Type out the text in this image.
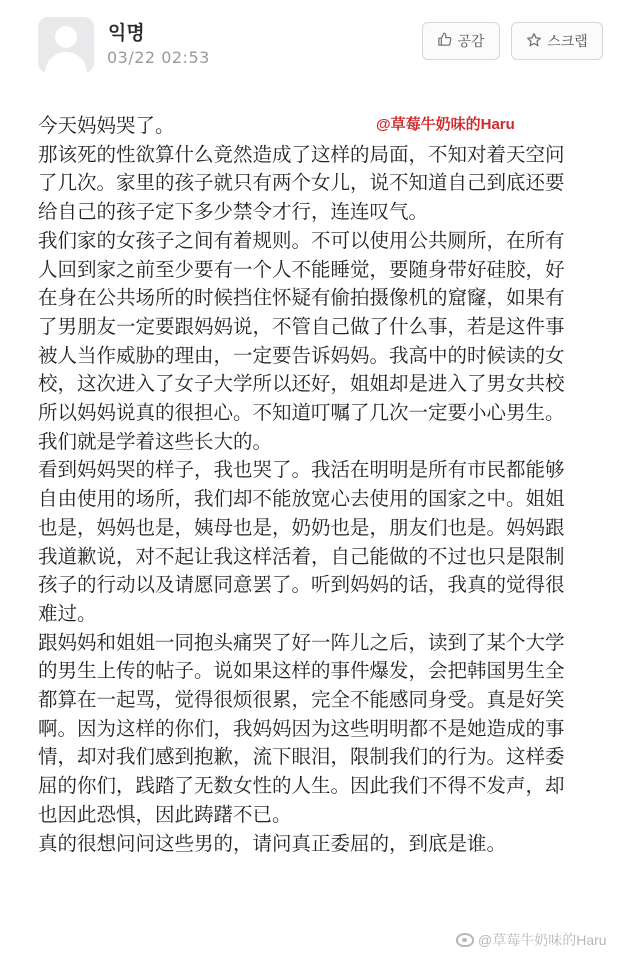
익명
03/22 02:53
공감	스크랩
@草莓牛奶味的Haru

今天妈妈哭了。

那该死的性欲算什么竟然造成了这样的局面，不知对着天空问
了几次。家里的孩子就只有两个女儿，说不知道自己到底还要
给自己的孩子定下多少禁令才行，连连叹气。

我们家的女孩子之间有着规则。不可以使用公共厕所，在所有
人回到家之前至少要有一个人不能睡觉，要随身带好硅胶，好
在身在公共场所的时候挡住怀疑有偷拍摄像机的窟窿，如果有
了男朋友一定要跟妈妈说，不管自己做了什么事，若是这件事
被人当作威胁的理由，一定要告诉妈妈。我高中的时候读的女
校，这次进入了女子大学所以还好，姐姐却是进入了男女共校
所以妈妈说真的很担心。不知道叮嘱了几次一定要小心男生。
我们就是学着这些长大的。

看到妈妈哭的样子，我也哭了。我活在明明是所有市民都能够
自由使用的场所，我们却不能放宽心去使用的国家之中。姐姐
也是，妈妈也是，姨母也是，奶奶也是，朋友们也是。妈妈跟
我道歉说，对不起让我这样活着，自己能做的不过也只是限制
孩子的行动以及请愿同意罢了。听到妈妈的话，我真的觉得很
难过。

跟妈妈和姐姐一同抱头痛哭了好一阵儿之后，读到了某个大学
的男生上传的帖子。说如果这样的事件爆发，会把韩国男生全
都算在一起骂，觉得很烦很累，完全不能感同身受。真是好笑
啊。因为这样的你们，我妈妈因为这些明明都不是她造成的事
情，却对我们感到抱歉，流下眼泪，限制我们的行为。这样委
屈的你们，践踏了无数女性的人生。因此我们不得不发声，却
也因此恐惧，因此踌躇不已。

真的很想问问这些男的，请问真正委屈的，到底是谁。

@草莓牛奶味的Haru
